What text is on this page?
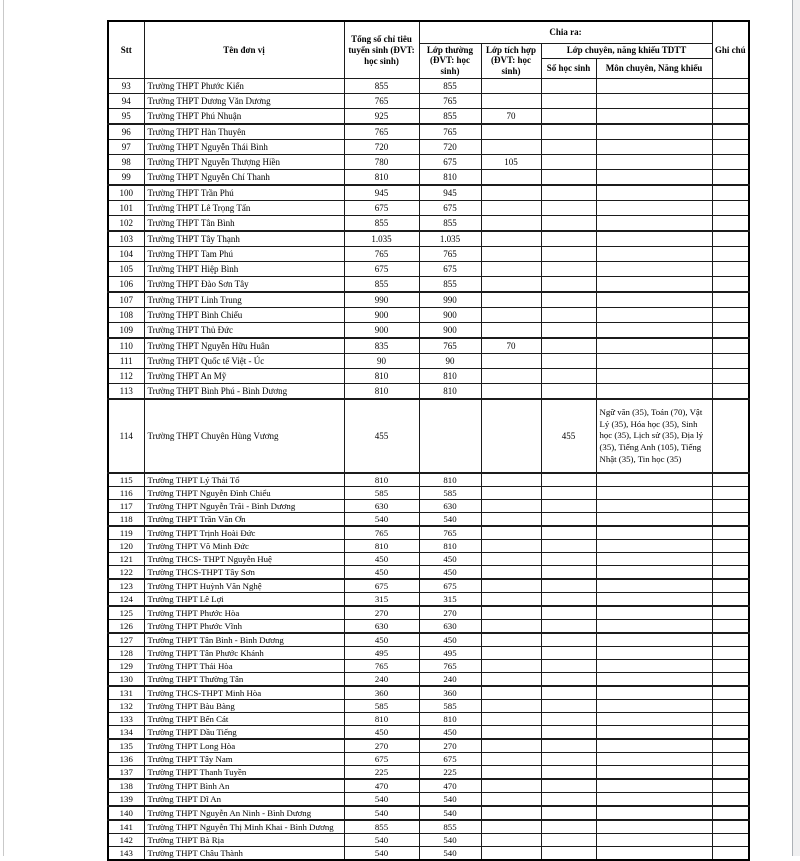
Stt	Tên đơn vị	Tổng số chỉ tiêu tuyển sinh (ĐVT: học sinh)	Chia ra:				Ghi chú
			Lớp thường (ĐVT: học sinh)	Lớp tích hợp (ĐVT: học sinh)	Lớp chuyên, năng khiếu TDTT		
					Số học sinh	Môn chuyên, Năng khiếu	
93	Trường THPT Phước Kiển	855	855				
94	Trường THPT Dương Văn Dương	765	765				
95	Trường THPT Phú Nhuận	925	855	70			
96	Trường THPT Hàn Thuyên	765	765				
97	Trường THPT Nguyễn Thái Bình	720	720				
98	Trường THPT Nguyễn Thượng Hiền	780	675	105			
99	Trường THPT Nguyễn Chí Thanh	810	810				
100	Trường THPT Trần Phú	945	945				
101	Trường THPT Lê Trọng Tấn	675	675				
102	Trường THPT Tân Bình	855	855				
103	Trường THPT Tây Thạnh	1.035	1.035				
104	Trường THPT Tam Phú	765	765				
105	Trường THPT Hiệp Bình	675	675				
106	Trường THPT Đào Sơn Tây	855	855				
107	Trường THPT Linh Trung	990	990				
108	Trường THPT Bình Chiểu	900	900				
109	Trường THPT Thủ Đức	900	900				
110	Trường THPT Nguyễn Hữu Huân	835	765	70			
111	Trường THPT Quốc tế Việt - Úc	90	90				
112	Trường THPT An Mỹ	810	810				
113	Trường THPT Bình Phú - Bình Dương	810	810				
114	Trường THPT Chuyên Hùng Vương	455			455	Ngữ văn (35), Toán (70), Vật Lý (35), Hóa học (35), Sinh học (35), Lịch sử (35), Địa lý (35), Tiếng Anh (105), Tiếng Nhật (35), Tin học (35)	
115	Trường THPT Lý Thái Tổ	810	810				
116	Trường THPT Nguyễn Đình Chiểu	585	585				
117	Trường THPT Nguyễn Trãi - Bình Dương	630	630				
118	Trường THPT Trần Văn Ơn	540	540				
119	Trường THPT Trịnh Hoài Đức	765	765				
120	Trường THPT Võ Minh Đức	810	810				
121	Trường THCS- THPT Nguyễn Huệ	450	450				
122	Trường THCS-THPT Tây Sơn	450	450				
123	Trường THPT Huỳnh Văn Nghệ	675	675				
124	Trường THPT Lê Lợi	315	315				
125	Trường THPT Phước Hòa	270	270				
126	Trường THPT Phước Vĩnh	630	630				
127	Trường THPT Tân Bình - Bình Dương	450	450				
128	Trường THPT Tân Phước Khánh	495	495				
129	Trường THPT Thái Hòa	765	765				
130	Trường THPT Thường Tân	240	240				
131	Trường THCS-THPT Minh Hòa	360	360				
132	Trường THPT Bàu Bàng	585	585				
133	Trường THPT Bến Cát	810	810				
134	Trường THPT Dầu Tiếng	450	450				
135	Trường THPT Long Hòa	270	270				
136	Trường THPT Tây Nam	675	675				
137	Trường THPT Thanh Tuyền	225	225				
138	Trường THPT Bình An	470	470				
139	Trường THPT Dĩ An	540	540				
140	Trường THPT Nguyễn An Ninh - Bình Dương	540	540				
141	Trường THPT Nguyễn Thị Minh Khai - Bình Dương	855	855				
142	Trường THPT Bà Rịa	540	540				
143	Trường THPT Châu Thành	540	540				
